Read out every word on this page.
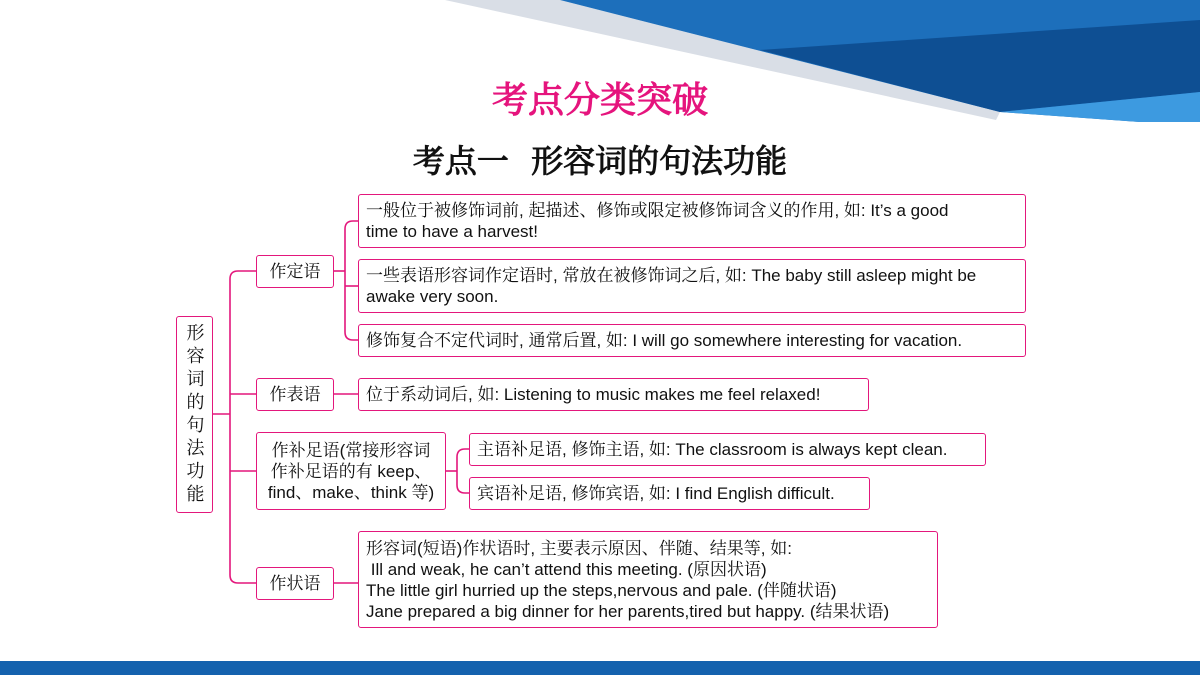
考点分类突破
考点一  形容词的句法功能
形容词的句法功能
作定语
一般位于被修饰词前, 起描述、修饰或限定被修饰词含义的作用, 如: It’s a good
time to have a harvest!
一些表语形容词作定语时, 常放在被修饰词之后, 如: The baby still asleep might be
awake very soon.
修饰复合不定代词时, 通常后置, 如: I will go somewhere interesting for vacation.
作表语	位于系动词后, 如: Listening to music makes me feel relaxed!
作补足语(常接形容词
作补足语的有 keep、
find、make、think 等)
主语补足语, 修饰主语, 如: The classroom is always kept clean.
宾语补足语, 修饰宾语, 如: I find English difficult.
作状语
形容词(短语)作状语时, 主要表示原因、伴随、结果等, 如:
Ill and weak, he can’t attend this meeting. (原因状语)
The little girl hurried up the steps,nervous and pale. (伴随状语)
Jane prepared a big dinner for her parents,tired but happy. (结果状语)
